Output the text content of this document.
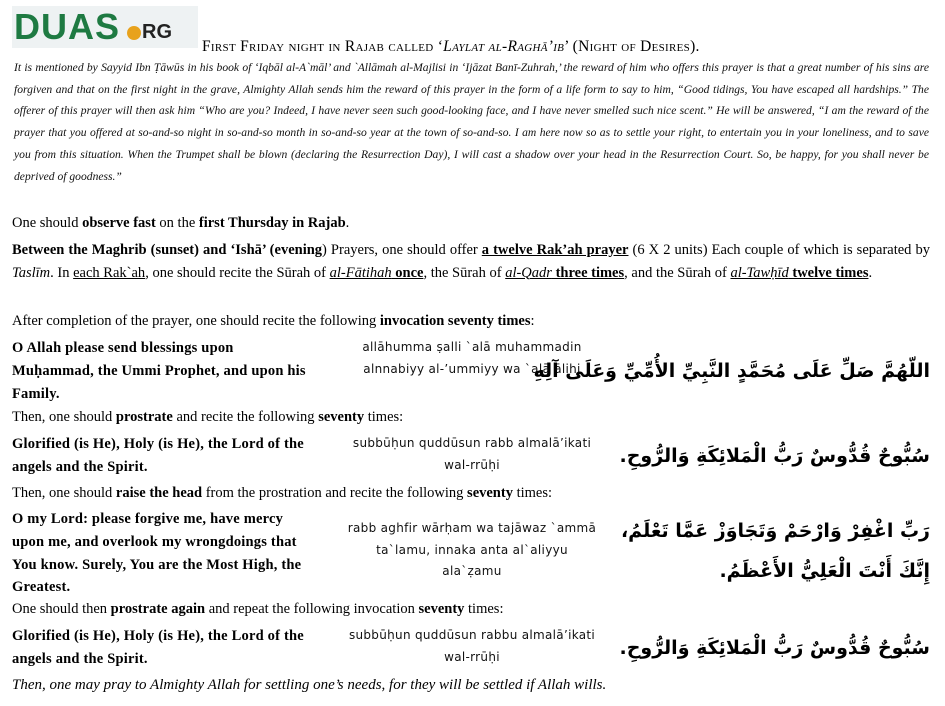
DUAS RG
First Friday night in Rajab called ‘Laylat al-Raghā’ib’ (Night of Desires).
It is mentioned by Sayyid Ibn Ṭāwūs in his book of ‘Iqbāl al-A`māl’ and `Allāmah al-Majlisi in ‘Ijāzat Banī-Zuhrah,’ the reward of him who offers this prayer is that a great number of his sins are forgiven and that on the first night in the grave, Almighty Allah sends him the reward of this prayer in the form of a life form to say to him, “Good tidings, You have escaped all hardships.” The offerer of this prayer will then ask him “Who are you? Indeed, I have never seen such good-looking face, and I have never smelled such nice scent.” He will be answered, “I am the reward of the prayer that you offered at so-and-so night in so-and-so month in so-and-so year at the town of so-and-so. I am here now so as to settle your right, to entertain you in your loneliness, and to save you from this situation. When the Trumpet shall be blown (declaring the Resurrection Day), I will cast a shadow over your head in the Resurrection Court. So, be happy, for you shall never be deprived of goodness.”
One should observe fast on the first Thursday in Rajab.
Between the Maghrib (sunset) and ‘Ishā’ (evening) Prayers, one should offer a twelve Rak’ah prayer (6 X 2 units) Each couple of which is separated by Taslīm. In each Rak`ah, one should recite the Sūrah of al-Fātihah once, the Sūrah of al-Qadr three times, and the Sūrah of al-Tawḥīd twelve times.
After completion of the prayer, one should recite the following invocation seventy times:
O Allah please send blessings upon Muḥammad, the Ummi Prophet, and upon his Family.
allāhumma ṣalli `alā muhammadin alnnabiyy al-’ummiyy wa `alā ālihi
اللّهُمَّ صَلِّ عَلَى مُحَمَّدٍ النَّبِيِّ الأُمِّيِّ وَعَلَى آلِهِ
Then, one should prostrate and recite the following seventy times:
Glorified (is He), Holy (is He), the Lord of the angels and the Spirit.
subbūḥun quddūsun rabb almalā’ikati wal-rrūḥi	سُبُّوحٌ قُدُّوسٌ رَبُّ الْمَلائِكَةِ وَالرُّوحِ.
Then, one should raise the head from the prostration and recite the following seventy times:
O my Lord: please forgive me, have mercy upon me, and overlook my wrongdoings that You know. Surely, You are the Most High, the Greatest.
rabb aghfir wārḥam wa tajāwaz `ammā ta`lamu, innaka anta al`aliyyu ala`ẓamu
رَبِّ اغْفِرْ وَارْحَمْ وَتَجَاوَزْ عَمَّا تَعْلَمُ،
إِنَّكَ أَنْتَ الْعَلِيُّ الأَعْظَمُ.
One should then prostrate again and repeat the following invocation seventy times:
Glorified (is He), Holy (is He), the Lord of the angels and the Spirit.
subbūḥun quddūsun rabbu almalā’ikati wal-rrūḥi	سُبُّوحٌ قُدُّوسٌ رَبُّ الْمَلائِكَةِ وَالرُّوحِ.
Then, one may pray to Almighty Allah for settling one’s needs, for they will be settled if Allah wills.
